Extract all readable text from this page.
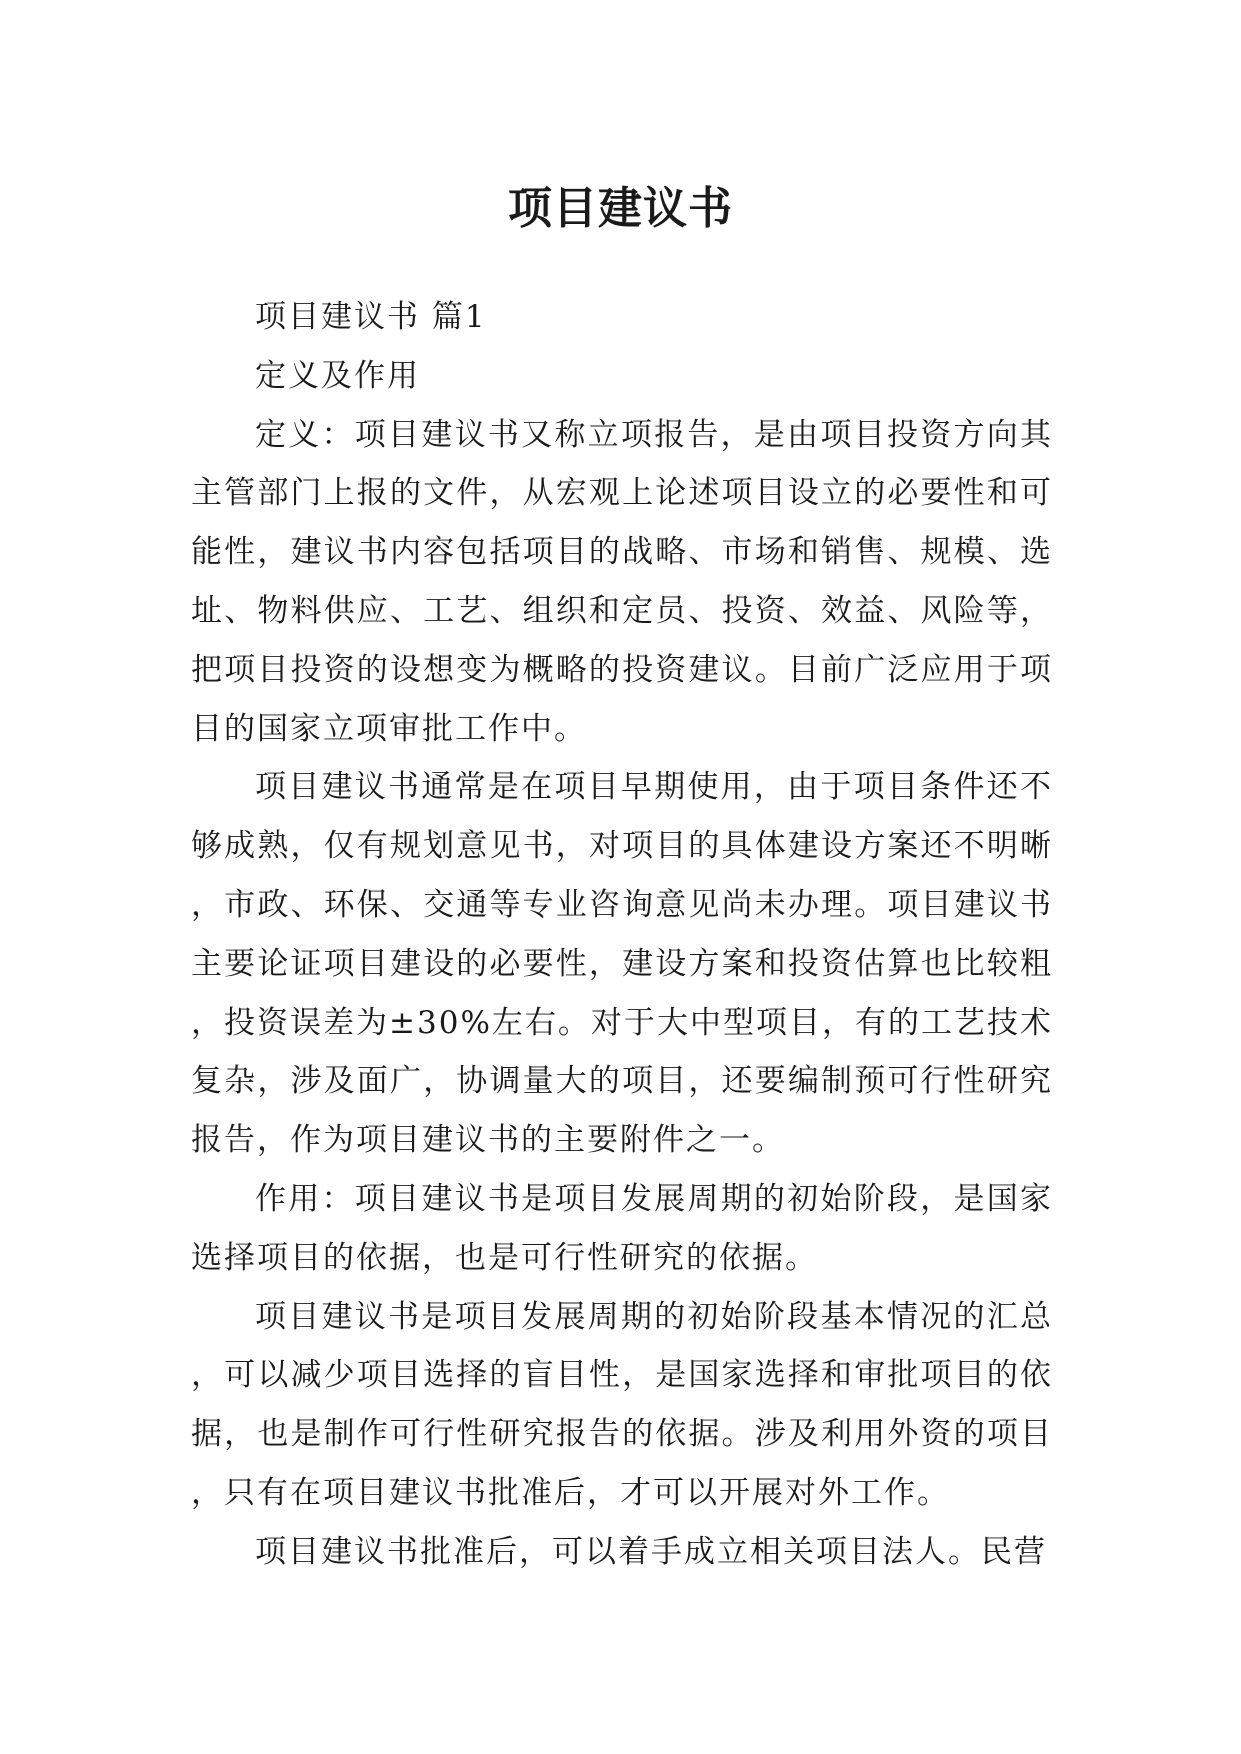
项目建议书

项目建议书 篇1

定义及作用

定义：项目建议书又称立项报告，是由项目投资方向其主管部门上报的文件，从宏观上论述项目设立的必要性和可能性，建议书内容包括项目的战略、市场和销售、规模、选址、物料供应、工艺、组织和定员、投资、效益、风险等，把项目投资的设想变为概略的投资建议。目前广泛应用于项目的国家立项审批工作中。

项目建议书通常是在项目早期使用，由于项目条件还不够成熟，仅有规划意见书，对项目的具体建设方案还不明晰，市政、环保、交通等专业咨询意见尚未办理。项目建议书主要论证项目建设的必要性，建设方案和投资估算也比较粗，投资误差为±30%左右。对于大中型项目，有的工艺技术复杂，涉及面广，协调量大的项目，还要编制预可行性研究报告，作为项目建议书的主要附件之一。

作用：项目建议书是项目发展周期的初始阶段，是国家选择项目的依据，也是可行性研究的依据。

项目建议书是项目发展周期的初始阶段基本情况的汇总，可以减少项目选择的盲目性，是国家选择和审批项目的依据，也是制作可行性研究报告的依据。涉及利用外资的项目，只有在项目建议书批准后，才可以开展对外工作。

项目建议书批准后，可以着手成立相关项目法人。民营
